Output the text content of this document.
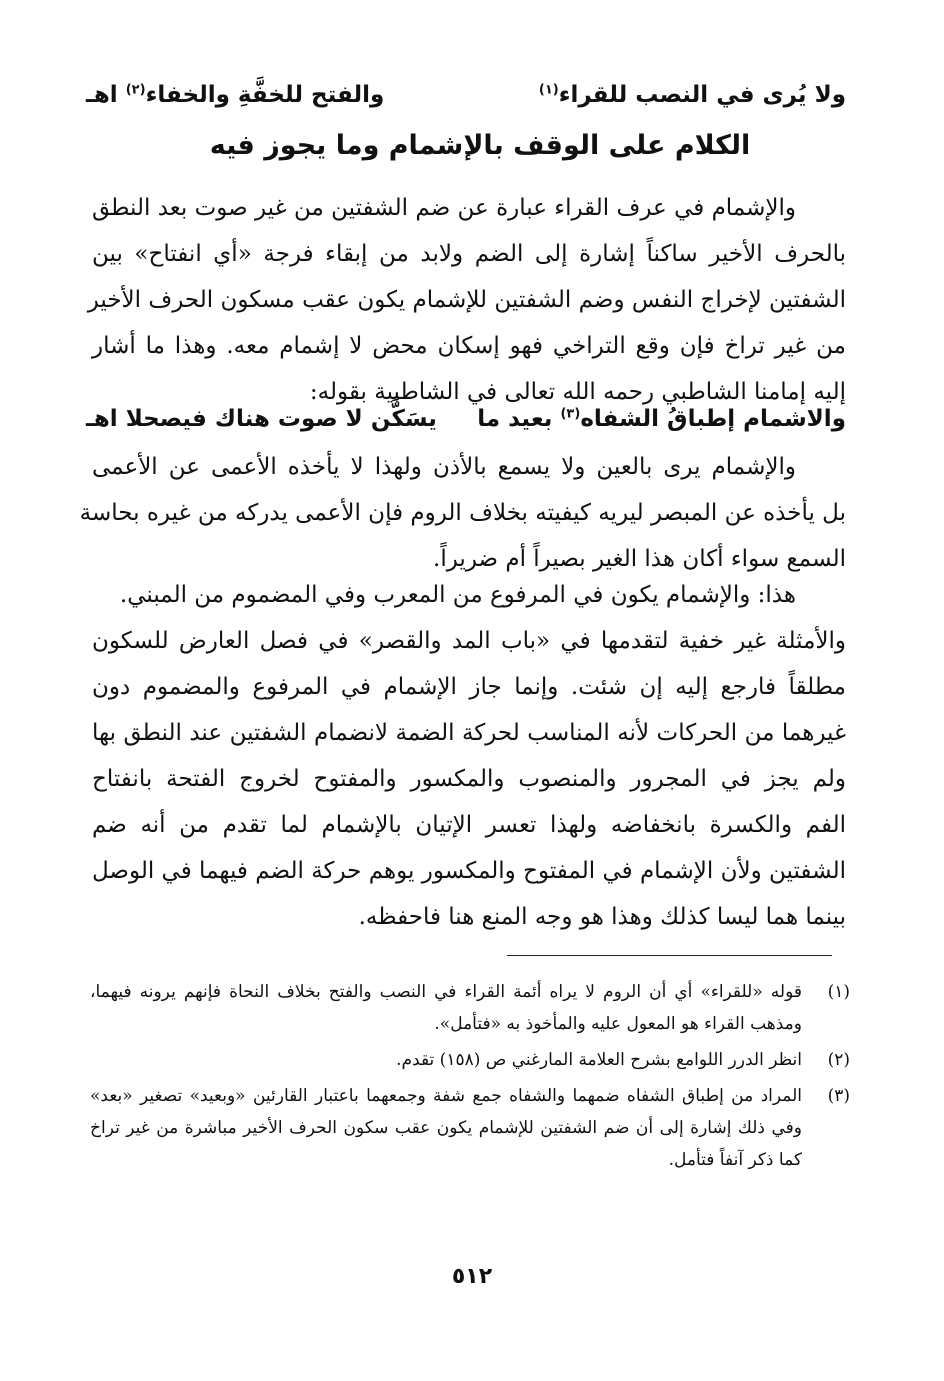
ولا يُرى في النصب للقراء$^{(١)}$
والفتح للخفَّةِ والخفاء$^{(٢)}$ اهـ
الكلام على الوقف بالإشمام وما يجوز فيه
والإشمام في عرف القراء عبارة عن ضم الشفتين من غير صوت بعد النطق
بالحرف الأخير ساكناً إشارة إلى الضم ولابد من إبقاء فرجة «أي انفتاح» بين
الشفتين لإخراج النفس وضم الشفتين للإشمام يكون عقب مسكون الحرف الأخير
من غير تراخ فإن وقع التراخي فهو إسكان محض لا إشمام معه. وهذا ما أشار
إليه إمامنا الشاطبي رحمه الله تعالى في الشاطبية بقوله:
والاشمام إطباقُ الشفاه$^{(٣)}$ بعيد ما
يسَكَّن لا صوت هناك فيصحلا اهـ
والإشمام يرى بالعين ولا يسمع بالأذن ولهذا لا يأخذه الأعمى عن الأعمى
بل يأخذه عن المبصر ليريه كيفيته بخلاف الروم فإن الأعمى يدركه من غيره بحاسة
السمع سواء أكان هذا الغير بصيراً أم ضريراً.
هذا: والإشمام يكون في المرفوع من المعرب وفي المضموم من المبني.
والأمثلة غير خفية لتقدمها في «باب المد والقصر» في فصل العارض للسكون
مطلقاً فارجع إليه إن شئت. وإنما جاز الإشمام في المرفوع والمضموم دون
غيرهما من الحركات لأنه المناسب لحركة الضمة لانضمام الشفتين عند النطق بها
ولم يجز في المجرور والمنصوب والمكسور والمفتوح لخروج الفتحة بانفتاح
الفم والكسرة بانخفاضه ولهذا تعسر الإتيان بالإشمام لما تقدم من أنه ضم
الشفتين ولأن الإشمام في المفتوح والمكسور يوهم حركة الضم فيهما في الوصل
بينما هما ليسا كذلك وهذا هو وجه المنع هنا فاحفظه.
(١)
قوله «للقراء» أي أن الروم لا يراه أئمة القراء في النصب والفتح بخلاف النحاة فإنهم يرونه فيهما، ومذهب القراء هو المعول عليه والمأخوذ به «فتأمل».
(٢)
انظر الدرر اللوامع بشرح العلامة المارغني ص (١٥٨) تقدم.
(٣)
المراد من إطباق الشفاه ضمهما والشفاه جمع شفة وجمعهما باعتبار القارئين «وبعيد» تصغير «بعد» وفي ذلك إشارة إلى أن ضم الشفتين للإشمام يكون عقب سكون الحرف الأخير مباشرة من غير تراخ كما ذكر آنفاً فتأمل.
٥١٢
